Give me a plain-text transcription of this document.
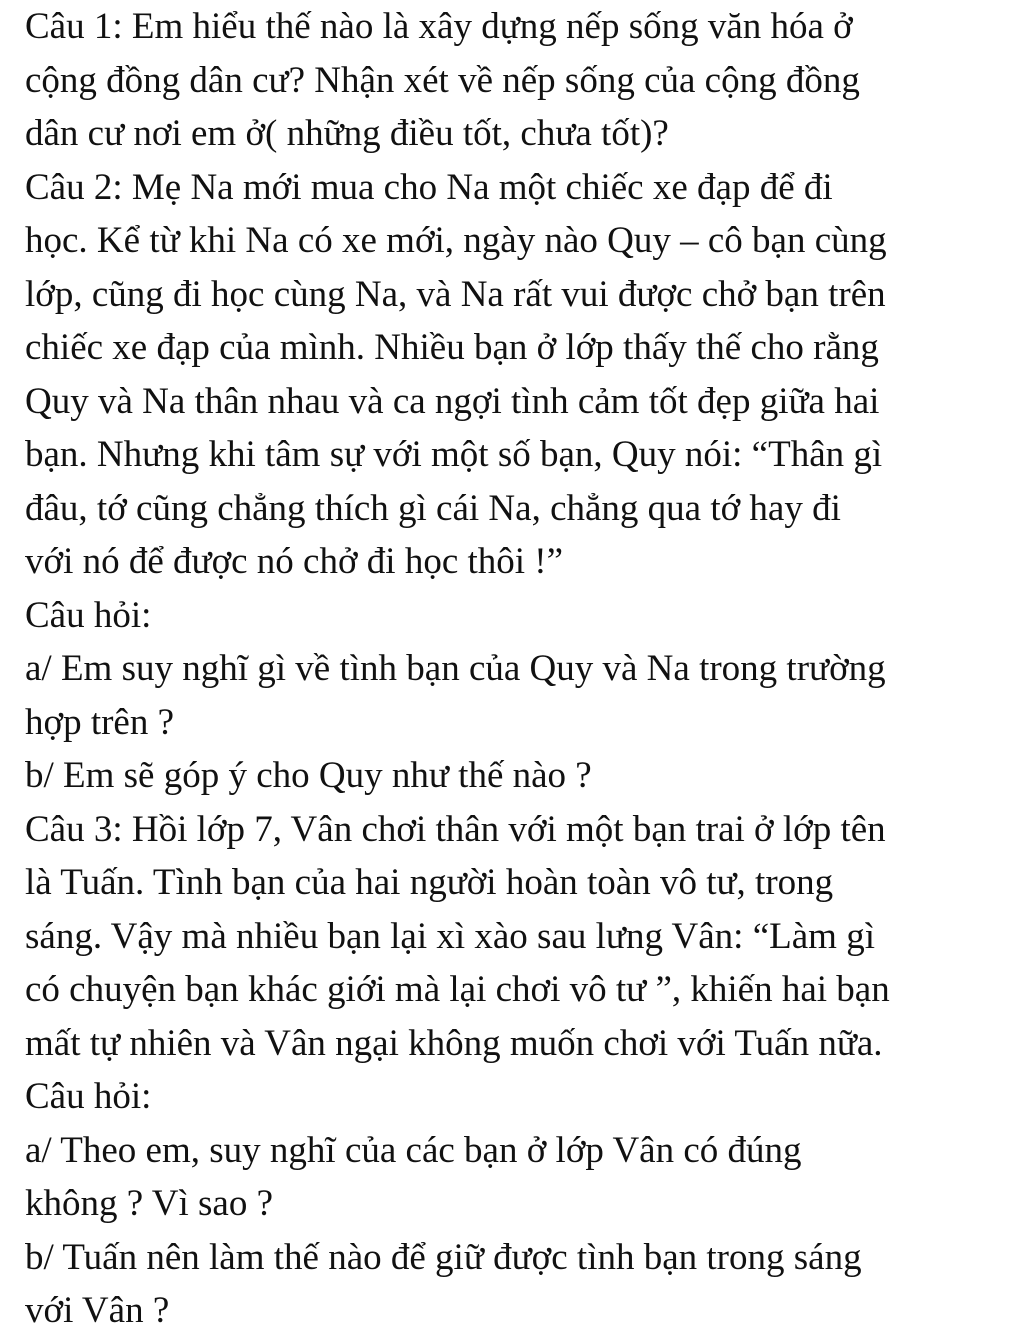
Câu 1: Em hiểu thế nào là xây dựng nếp sống văn hóa ở
cộng đồng dân cư? Nhận xét về nếp sống của cộng đồng
dân cư nơi em ở( những điều tốt, chưa tốt)?
Câu 2: Mẹ Na mới mua cho Na một chiếc xe đạp để đi
học. Kể từ khi Na có xe mới, ngày nào Quy – cô bạn cùng
lớp, cũng đi học cùng Na, và Na rất vui được chở bạn trên
chiếc xe đạp của mình. Nhiều bạn ở lớp thấy thế cho rằng
Quy và Na thân nhau và ca ngợi tình cảm tốt đẹp giữa hai
bạn. Nhưng khi tâm sự với một số bạn, Quy nói: “Thân gì
đâu, tớ cũng chẳng thích gì cái Na, chẳng qua tớ hay đi
với nó để được nó chở đi học thôi !”
Câu hỏi:
a/ Em suy nghĩ gì về tình bạn của Quy và Na trong trường
hợp trên ?
b/ Em sẽ góp ý cho Quy như thế nào ?
Câu 3: Hồi lớp 7, Vân chơi thân với một bạn trai ở lớp tên
là Tuấn. Tình bạn của hai người hoàn toàn vô tư, trong
sáng. Vậy mà nhiều bạn lại xì xào sau lưng Vân: “Làm gì
có chuyện bạn khác giới mà lại chơi vô tư ”, khiến hai bạn
mất tự nhiên và Vân ngại không muốn chơi với Tuấn nữa.
Câu hỏi:
a/ Theo em, suy nghĩ của các bạn ở lớp Vân có đúng
không ? Vì sao ?
b/ Tuấn nên làm thế nào để giữ được tình bạn trong sáng
với Vân ?
